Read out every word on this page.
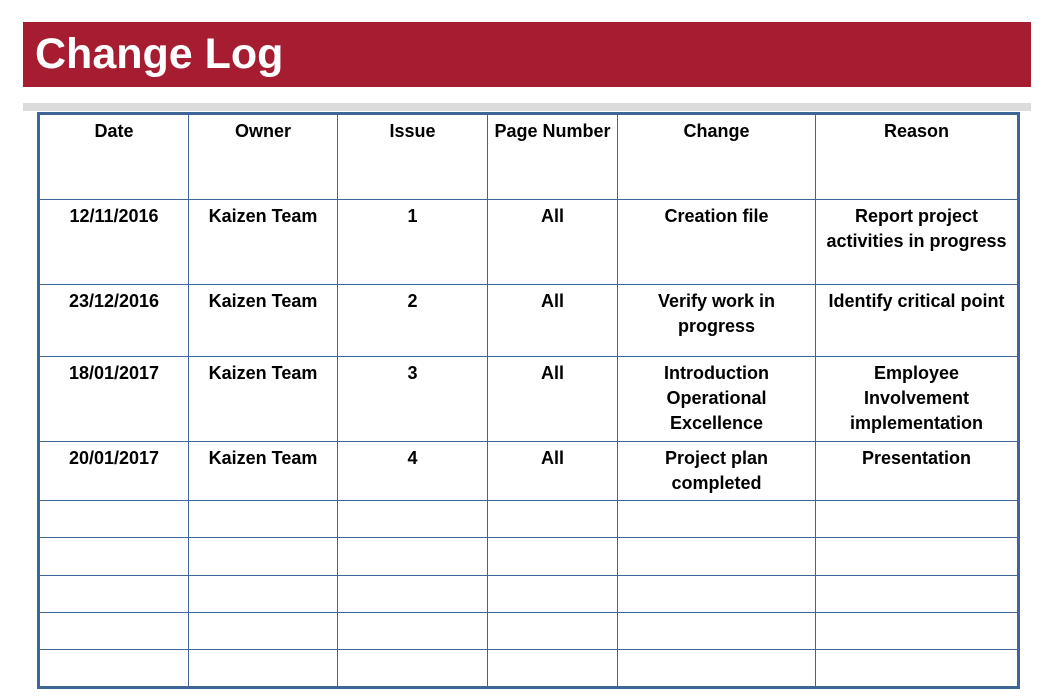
Change Log
Date	Owner	Issue	Page Number	Change	Reason
12/11/2016	Kaizen Team	1	All	Creation file	Report project activities in progress
23/12/2016	Kaizen Team	2	All	Verify work in progress	Identify critical point
18/01/2017	Kaizen Team	3	All	Introduction Operational Excellence	Employee Involvement implementation
20/01/2017	Kaizen Team	4	All	Project plan completed	Presentation
